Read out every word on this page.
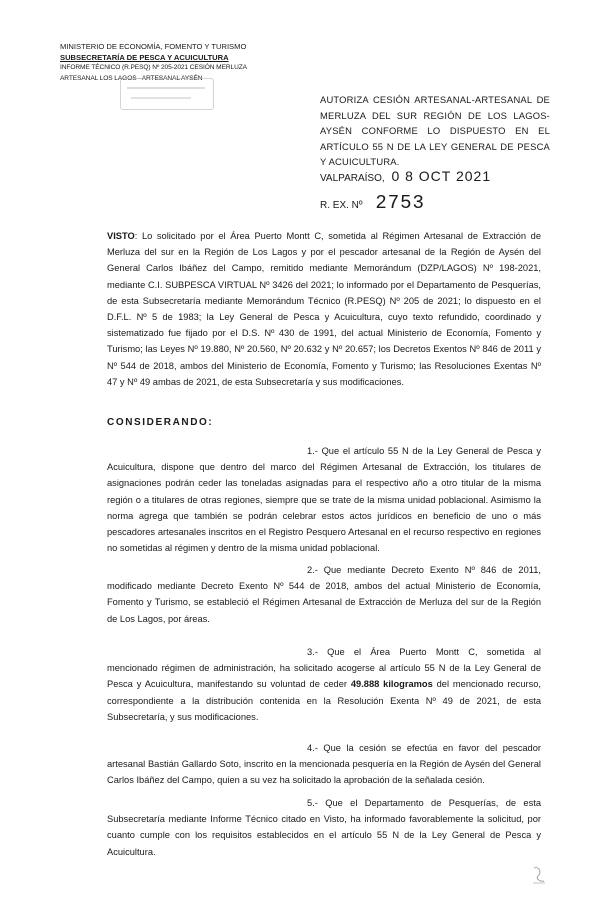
MINISTERIO DE ECONOMÍA, FOMENTO Y TURISMO
SUBSECRETARÍA DE PESCA Y ACUICULTURA
INFORME TÉCNICO (R.PESQ) Nº 205-2021 CESIÓN MERLUZA
ARTESANAL LOS LAGOS - ARTESANAL AYSÉN
AUTORIZA CESIÓN ARTESANAL-ARTESANAL DE MERLUZA DEL SUR REGIÓN DE LOS LAGOS-AYSÉN CONFORME LO DISPUESTO EN EL ARTÍCULO 55 N DE LA LEY GENERAL DE PESCA Y ACUICULTURA.
VALPARAÍSO, 0 8 OCT 2021
R. EX. Nº 2753
VISTO: Lo solicitado por el Área Puerto Montt C, sometida al Régimen Artesanal de Extracción de Merluza del sur en la Región de Los Lagos y por el pescador artesanal de la Región de Aysén del General Carlos Ibáñez del Campo, remitido mediante Memorándum (DZP/LAGOS) Nº 198-2021, mediante C.I. SUBPESCA VIRTUAL Nº 3426 del 2021; lo informado por el Departamento de Pesquerías, de esta Subsecretaría mediante Memorándum Técnico (R.PESQ) Nº 205 de 2021; lo dispuesto en el D.F.L. Nº 5 de 1983; la Ley General de Pesca y Acuicultura, cuyo texto refundido, coordinado y sistematizado fue fijado por el D.S. Nº 430 de 1991, del actual Ministerio de Economía, Fomento y Turismo; las Leyes Nº 19.880, Nº 20.560, Nº 20.632 y Nº 20.657; los Decretos Exentos Nº 846 de 2011 y Nº 544 de 2018, ambos del Ministerio de Economía, Fomento y Turismo; las Resoluciones Exentas Nº 47 y Nº 49 ambas de 2021, de esta Subsecretaría y sus modificaciones.
CONSIDERANDO:
1.- Que el artículo 55 N de la Ley General de Pesca y Acuicultura, dispone que dentro del marco del Régimen Artesanal de Extracción, los titulares de asignaciones podrán ceder las toneladas asignadas para el respectivo año a otro titular de la misma región o a titulares de otras regiones, siempre que se trate de la misma unidad poblacional. Asimismo la norma agrega que también se podrán celebrar estos actos jurídicos en beneficio de uno o más pescadores artesanales inscritos en el Registro Pesquero Artesanal en el recurso respectivo en regiones no sometidas al régimen y dentro de la misma unidad poblacional.
2.- Que mediante Decreto Exento Nº 846 de 2011, modificado mediante Decreto Exento Nº 544 de 2018, ambos del actual Ministerio de Economía, Fomento y Turismo, se estableció el Régimen Artesanal de Extracción de Merluza del sur de la Región de Los Lagos, por áreas.
3.- Que el Área Puerto Montt C, sometida al mencionado régimen de administración, ha solicitado acogerse al artículo 55 N de la Ley General de Pesca y Acuicultura, manifestando su voluntad de ceder 49.888 kilogramos del mencionado recurso, correspondiente a la distribución contenida en la Resolución Exenta Nº 49 de 2021, de esta Subsecretaría, y sus modificaciones.
4.- Que la cesión se efectúa en favor del pescador artesanal Bastián Gallardo Soto, inscrito en la mencionada pesquería en la Región de Aysén del General Carlos Ibáñez del Campo, quien a su vez ha solicitado la aprobación de la señalada cesión.
5.- Que el Departamento de Pesquerías, de esta Subsecretaría mediante Informe Técnico citado en Visto, ha informado favorablemente la solicitud, por cuanto cumple con los requisitos establecidos en el artículo 55 N de la Ley General de Pesca y Acuicultura.
